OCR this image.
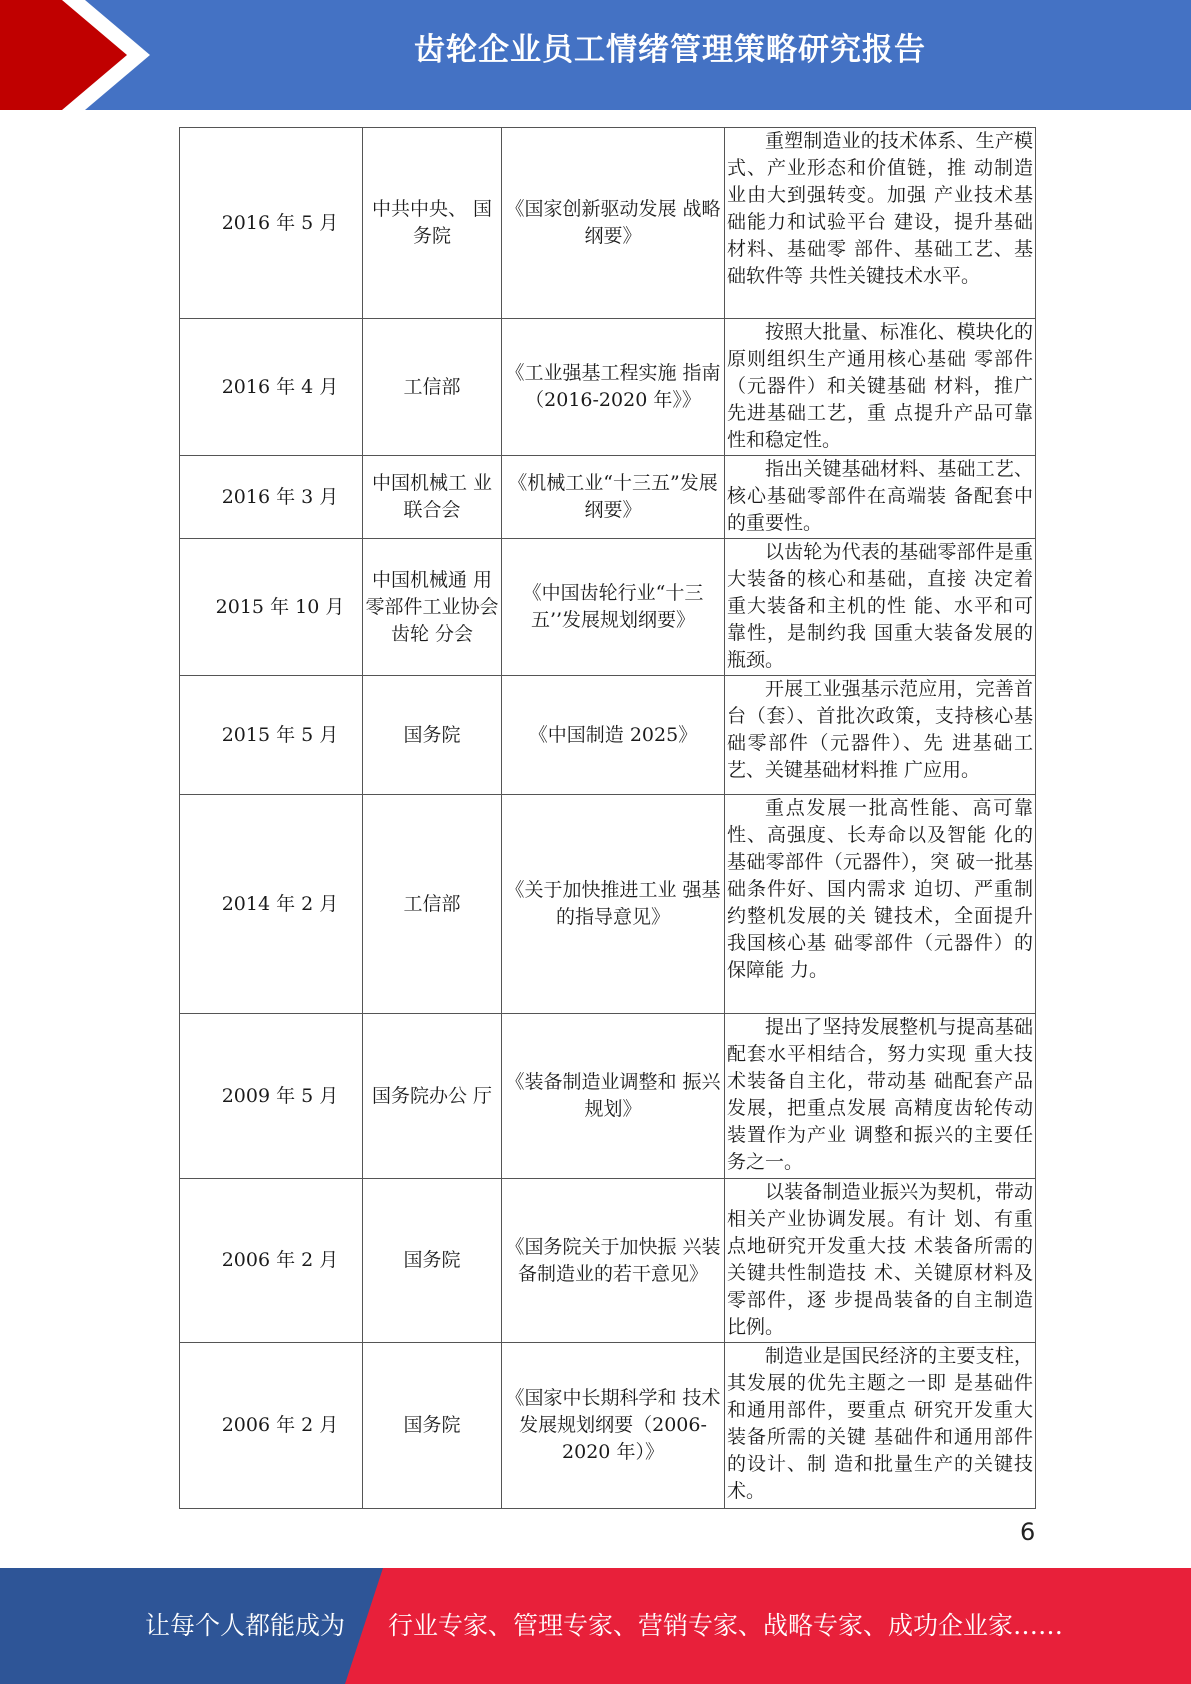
齿轮企业员工情绪管理策略研究报告
2016 年 5 月	中共中央、 国务院	《国家创新驱动发展 战略纲要》	重塑制造业的技术体系、生产模式、产业形态和价值链，推 动制造业由大到强转变。加强 产业技术基础能力和试验平台 建设，提升基础材料、基础零 部件、基础工艺、基础软件等 共性关键技术水平。

2016 年 4 月	工信部	《工业强基工程实施 指南（2016-2020 年》》	按照大批量、标准化、模块化的原则组织生产通用核心基础 零部件（元器件）和关键基础 材料，推广先进基础工艺，重 点提升产品可靠性和稳定性。

2016 年 3 月	中国机械工 业联合会	《机械工业“十三五”发展纲要》	指出关键基础材料、基础工艺、核心基础零部件在高端装 备配套中的重要性。

2015 年 10 月	中国机械通 用零部件工业协会齿轮 分会	《中国齿轮行业“十三 五’’发展规划纲要》	以齿轮为代表的基础零部件是重大装备的核心和基础，直接 决定着重大装备和主机的性 能、水平和可靠性，是制约我 国重大装备发展的瓶颈。

2015 年 5 月	国务院	《中国制造 2025》	开展工业强基示范应用，完善首台（套）、首批次政策，支持核心基础零部件（元器件）、先 进基础工艺、关键基础材料推 广应用。

2014 年 2 月	工信部	《关于加快推进工业 强基的指导意见》	重点发展一批高性能、高可靠性、高强度、长寿命以及智能 化的基础零部件（元器件），突 破一批基础条件好、国内需求 迫切、严重制约整机发展的关 键技术，全面提升我国核心基 础零部件（元器件）的保障能 力。

2009 年 5 月	国务院办公 厅	《装备制造业调整和 振兴规划》	提出了坚持发展整机与提高基础配套水平相结合，努力实现 重大技术装备自主化，带动基 础配套产品发展，把重点发展 高精度齿轮传动装置作为产业 调整和振兴的主要任务之一。

2006 年 2 月	国务院	《国务院关于加快振 兴装备制造业的若干意见》	以装备制造业振兴为契机，带动相关产业协调发展。有计 划、有重点地研究开发重大技 术装备所需的关键共性制造技 术、关键原材料及零部件，逐 步提咼装备的自主制造比例。

2006 年 2 月	国务院	《国家中长期科学和 技术发展规划纲要（2006-2020 年）》	制造业是国民经济的主要支柱，其发展的优先主题之一即 是基础件和通用部件，要重点 研究开发重大装备所需的关键 基础件和通用部件的设计、制 造和批量生产的关键技术。
6
让每个人都能成为	行业专家、管理专家、营销专家、战略专家、成功企业家……
